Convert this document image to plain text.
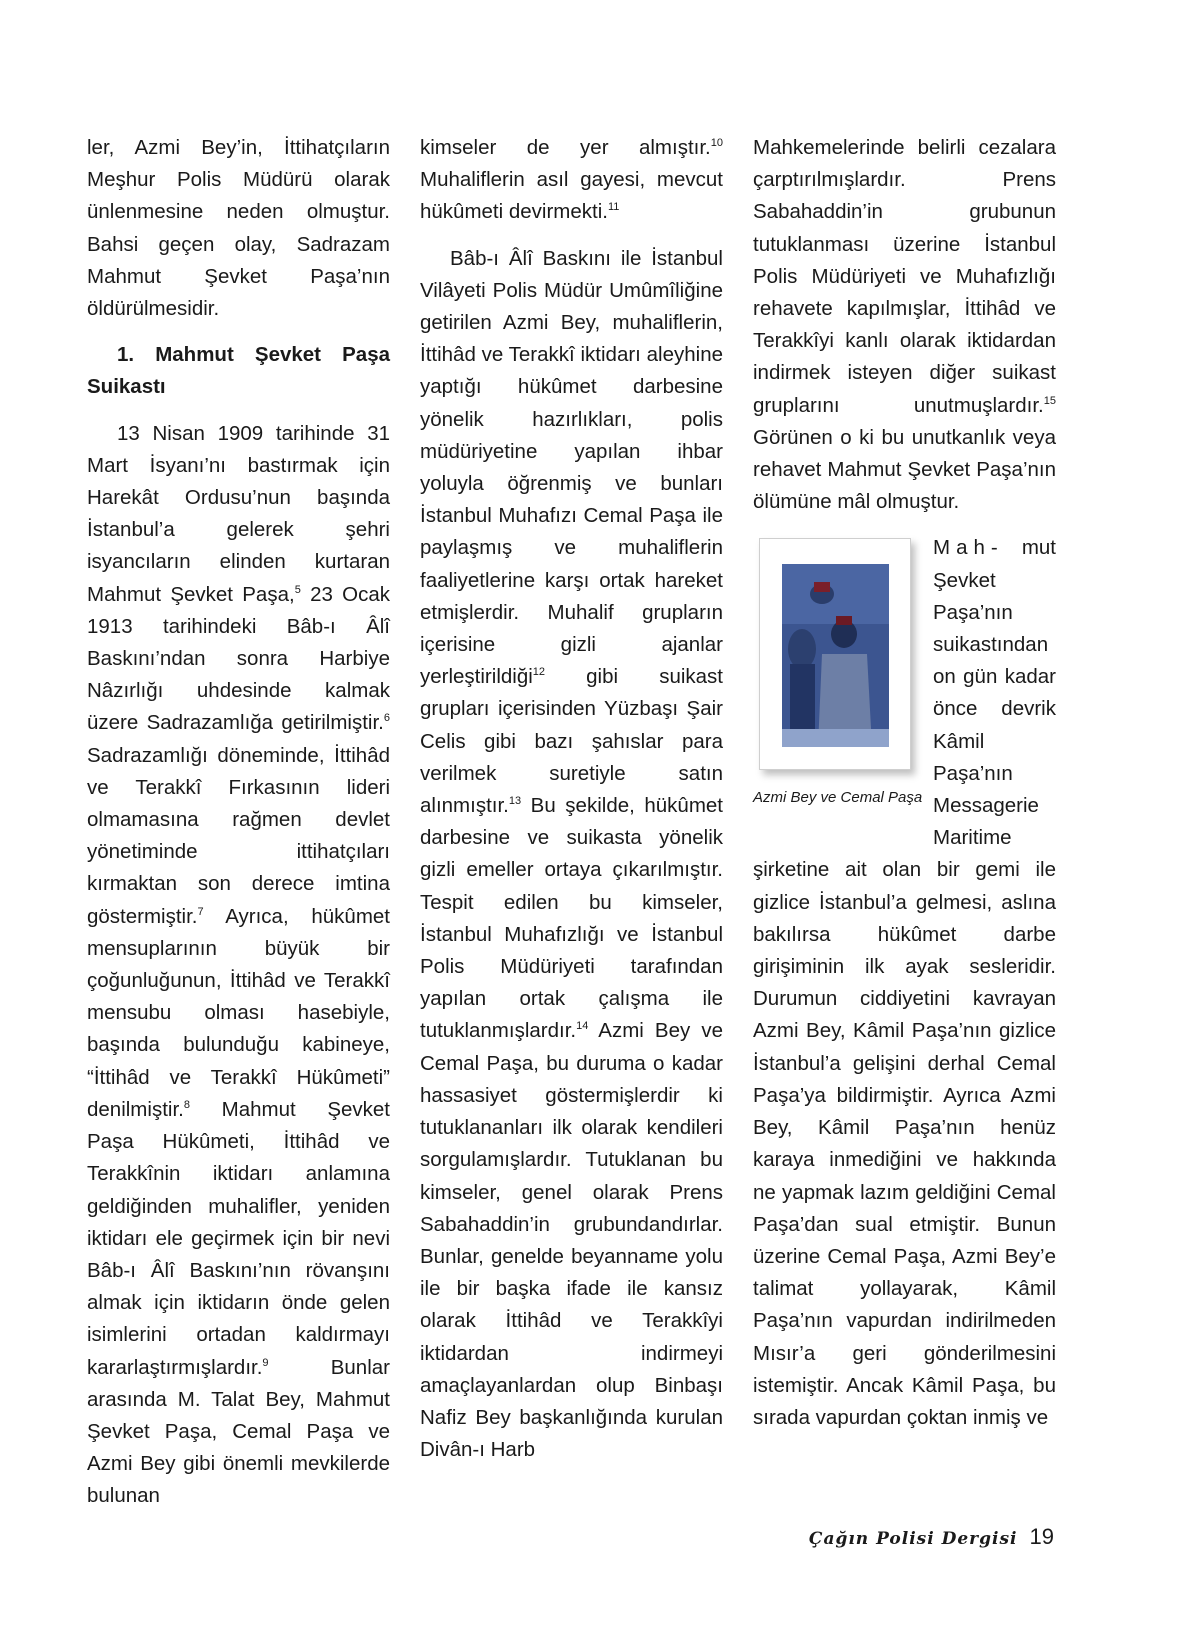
ler, Azmi Bey’in, İttihatçıların Meşhur Polis Müdürü olarak ünlenmesine neden olmuştur. Bahsi geçen olay, Sadrazam Mahmut Şevket Paşa’nın öldürülmesidir.

1. Mahmut Şevket Paşa Suikastı

13 Nisan 1909 tarihinde 31 Mart İsyanı’nı bastırmak için Harekât Ordusu’nun başında İstanbul’a gelerek şehri isyancıların elinden kurtaran Mahmut Şevket Paşa,$^5$ 23 Ocak 1913 tarihindeki Bâb-ı Âlî Baskını’ndan sonra Harbiye Nâzırlığı uhdesinde kalmak üzere Sadrazamlığa getirilmiştir.$^6$ Sadrazamlığı döneminde, İttihâd ve Terakkî Fırkasının lideri olmamasına rağmen devlet yönetiminde ittihatçıları kırmaktan son derece imtina göstermiştir.$^7$ Ayrıca, hükûmet mensuplarının büyük bir çoğunluğunun, İttihâd ve Terakkî mensubu olması hasebiyle, başında bulunduğu kabineye, “İttihâd ve Terakkî Hükûmeti” denilmiştir.$^8$ Mahmut Şevket Paşa Hükûmeti, İttihâd ve Terakkînin iktidarı anlamına geldiğinden muhalifler, yeniden iktidarı ele geçirmek için bir nevi Bâb-ı Âlî Baskını’nın rövanşını almak için iktidarın önde gelen isimlerini ortadan kaldırmayı kararlaştırmışlardır.$^9$ Bunlar arasında M. Talat Bey, Mahmut Şevket Paşa, Cemal Paşa ve Azmi Bey gibi önemli mevkilerde bulunan

kimseler de yer almıştır.$^{10}$ Muhaliflerin asıl gayesi, mevcut hükûmeti devirmekti.$^{11}$

Bâb-ı Âlî Baskını ile İstanbul Vilâyeti Polis Müdür Umûmîliğine getirilen Azmi Bey, muhaliflerin, İttihâd ve Terakkî iktidarı aleyhine yaptığı hükûmet darbesine yönelik hazırlıkları, polis müdüriyetine yapılan ihbar yoluyla öğrenmiş ve bunları İstanbul Muhafızı Cemal Paşa ile paylaşmış ve muhaliflerin faaliyetlerine karşı ortak hareket etmişlerdir. Muhalif grupların içerisine gizli ajanlar yerleştirildiği$^{12}$ gibi suikast grupları içerisinden Yüzbaşı Şair Celis gibi bazı şahıslar para verilmek suretiyle satın alınmıştır.$^{13}$ Bu şekilde, hükûmet darbesine ve suikasta yönelik gizli emeller ortaya çıkarılmıştır. Tespit edilen bu kimseler, İstanbul Muhafızlığı ve İstanbul Polis Müdüriyeti tarafından yapılan ortak çalışma ile tutuklanmışlardır.$^{14}$ Azmi Bey ve Cemal Paşa, bu duruma o kadar hassasiyet göstermişlerdir ki tutuklananları ilk olarak kendileri sorgulamışlardır. Tutuklanan bu kimseler, genel olarak Prens Sabahaddin’in grubundandırlar. Bunlar, genelde beyanname yolu ile bir başka ifade ile kansız olarak İttihâd ve Terakkîyi iktidardan indirmeyi amaçlayanlardan olup Binbaşı Nafiz Bey başkanlığında kurulan Divân-ı Harb

Mahkemelerinde belirli cezalara çarptırılmışlardır. Prens Sabahaddin’in grubunun tutuklanması üzerine İstanbul Polis Müdüriyeti ve Muhafızlığı rehavete kapılmışlar, İttihâd ve Terakkîyi kanlı olarak iktidardan indirmek isteyen diğer suikast gruplarını unutmuşlardır.$^{15}$ Görünen o ki bu unutkanlık veya rehavet Mahmut Şevket Paşa’nın ölümüne mâl olmuştur.

Azmi Bey ve Cemal Paşa
Mah- mut Şevket Paşa’nın suikastından on gün kadar önce devrik Kâmil Paşa’nın Messagerie Maritime şirketine ait olan bir gemi ile gizlice İstanbul’a gelmesi, aslına bakılırsa hükûmet darbe girişiminin ilk ayak sesleridir. Durumun ciddiyetini kavrayan Azmi Bey, Kâmil Paşa’nın gizlice İstanbul’a gelişini derhal Cemal Paşa’ya bildirmiştir. Ayrıca Azmi Bey, Kâmil Paşa’nın henüz karaya inmediğini ve hakkında ne yapmak lazım geldiğini Cemal Paşa’dan sual etmiştir. Bunun üzerine Cemal Paşa, Azmi Bey’e talimat yollayarak, Kâmil Paşa’nın vapurdan indirilmeden Mısır’a geri gönderilmesini istemiştir. Ancak Kâmil Paşa, bu sırada vapurdan çoktan inmiş ve

Çağın Polisi Dergisi 19
